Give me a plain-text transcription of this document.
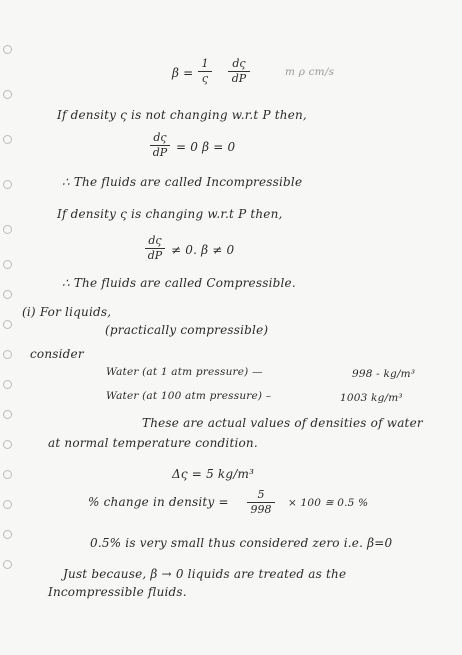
β =
1
ς
dς
dP	m ρ cm/s
If density ς is not changing w.r.t P then,
dς
dP = 0 β = 0
∴ The fluids are called Incompressible
If density ς is changing w.r.t P then,
dς
dP ≠ 0. β ≠ 0
∴ The fluids are called Compressible.
(i) For liquids,
(practically compressible)
consider
Water (at 1 atm pressure) —	998 - kg/m³
Water (at 100 atm pressure) –	1003 kg/m³
These are actual values of densities of water
at normal temperature condition.
Δς = 5 kg/m³
% change in density =
5
998	× 100 ≅ 0.5 %
0.5% is very small thus considered zero i.e. β=0
Just because, β → 0 liquids are treated as the
Incompressible fluids.
